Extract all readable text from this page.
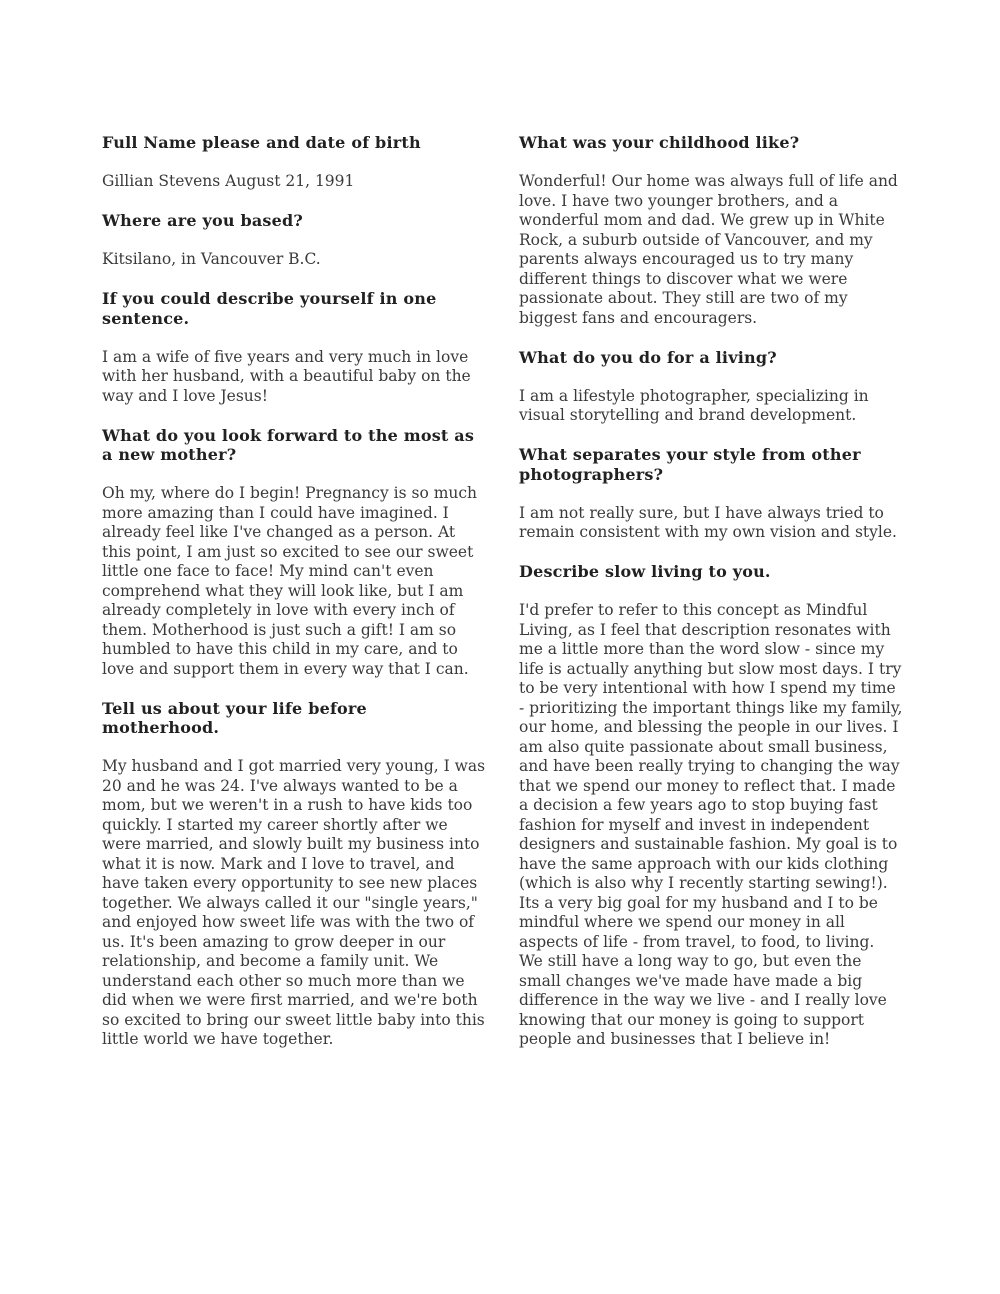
Full Name please and date of birth

Gillian Stevens August 21, 1991

Where are you based?

Kitsilano, in Vancouver B.C.

If you could describe yourself in one sentence.

I am a wife of five years and very much in love with her husband, with a beautiful baby on the way and I love Jesus!

What do you look forward to the most as a new mother?

Oh my, where do I begin! Pregnancy is so much more amazing than I could have imagined. I already feel like I've changed as a person. At this point, I am just so excited to see our sweet little one face to face! My mind can't even comprehend what they will look like, but I am already completely in love with every inch of them. Motherhood is just such a gift! I am so humbled to have this child in my care, and to love and support them in every way that I can.

Tell us about your life before motherhood.

My husband and I got married very young, I was 20 and he was 24. I've always wanted to be a mom, but we weren't in a rush to have kids too quickly. I started my career shortly after we were married, and slowly built my business into what it is now. Mark and I love to travel, and have taken every opportunity to see new places together. We always called it our "single years," and enjoyed how sweet life was with the two of us. It's been amazing to grow deeper in our relationship, and become a family unit. We understand each other so much more than we did when we were first married, and we're both so excited to bring our sweet little baby into this little world we have together.

What was your childhood like?

Wonderful! Our home was always full of life and love. I have two younger brothers, and a wonderful mom and dad. We grew up in White Rock, a suburb outside of Vancouver, and my parents always encouraged us to try many different things to discover what we were passionate about. They still are two of my biggest fans and encouragers.

What do you do for a living?

I am a lifestyle photographer, specializing in visual storytelling and brand development.

What separates your style from other photographers?

I am not really sure, but I have always tried to remain consistent with my own vision and style.

Describe slow living to you.

I'd prefer to refer to this concept as Mindful Living, as I feel that description resonates with me a little more than the word slow - since my life is actually anything but slow most days. I try to be very intentional with how I spend my time - prioritizing the important things like my family, our home, and blessing the people in our lives. I am also quite passionate about small business, and have been really trying to changing the way that we spend our money to reflect that. I made a decision a few years ago to stop buying fast fashion for myself and invest in independent designers and sustainable fashion. My goal is to have the same approach with our kids clothing (which is also why I recently starting sewing!). Its a very big goal for my husband and I to be mindful where we spend our money in all aspects of life - from travel, to food, to living. We still have a long way to go, but even the small changes we've made have made a big difference in the way we live - and I really love knowing that our money is going to support people and businesses that I believe in!
